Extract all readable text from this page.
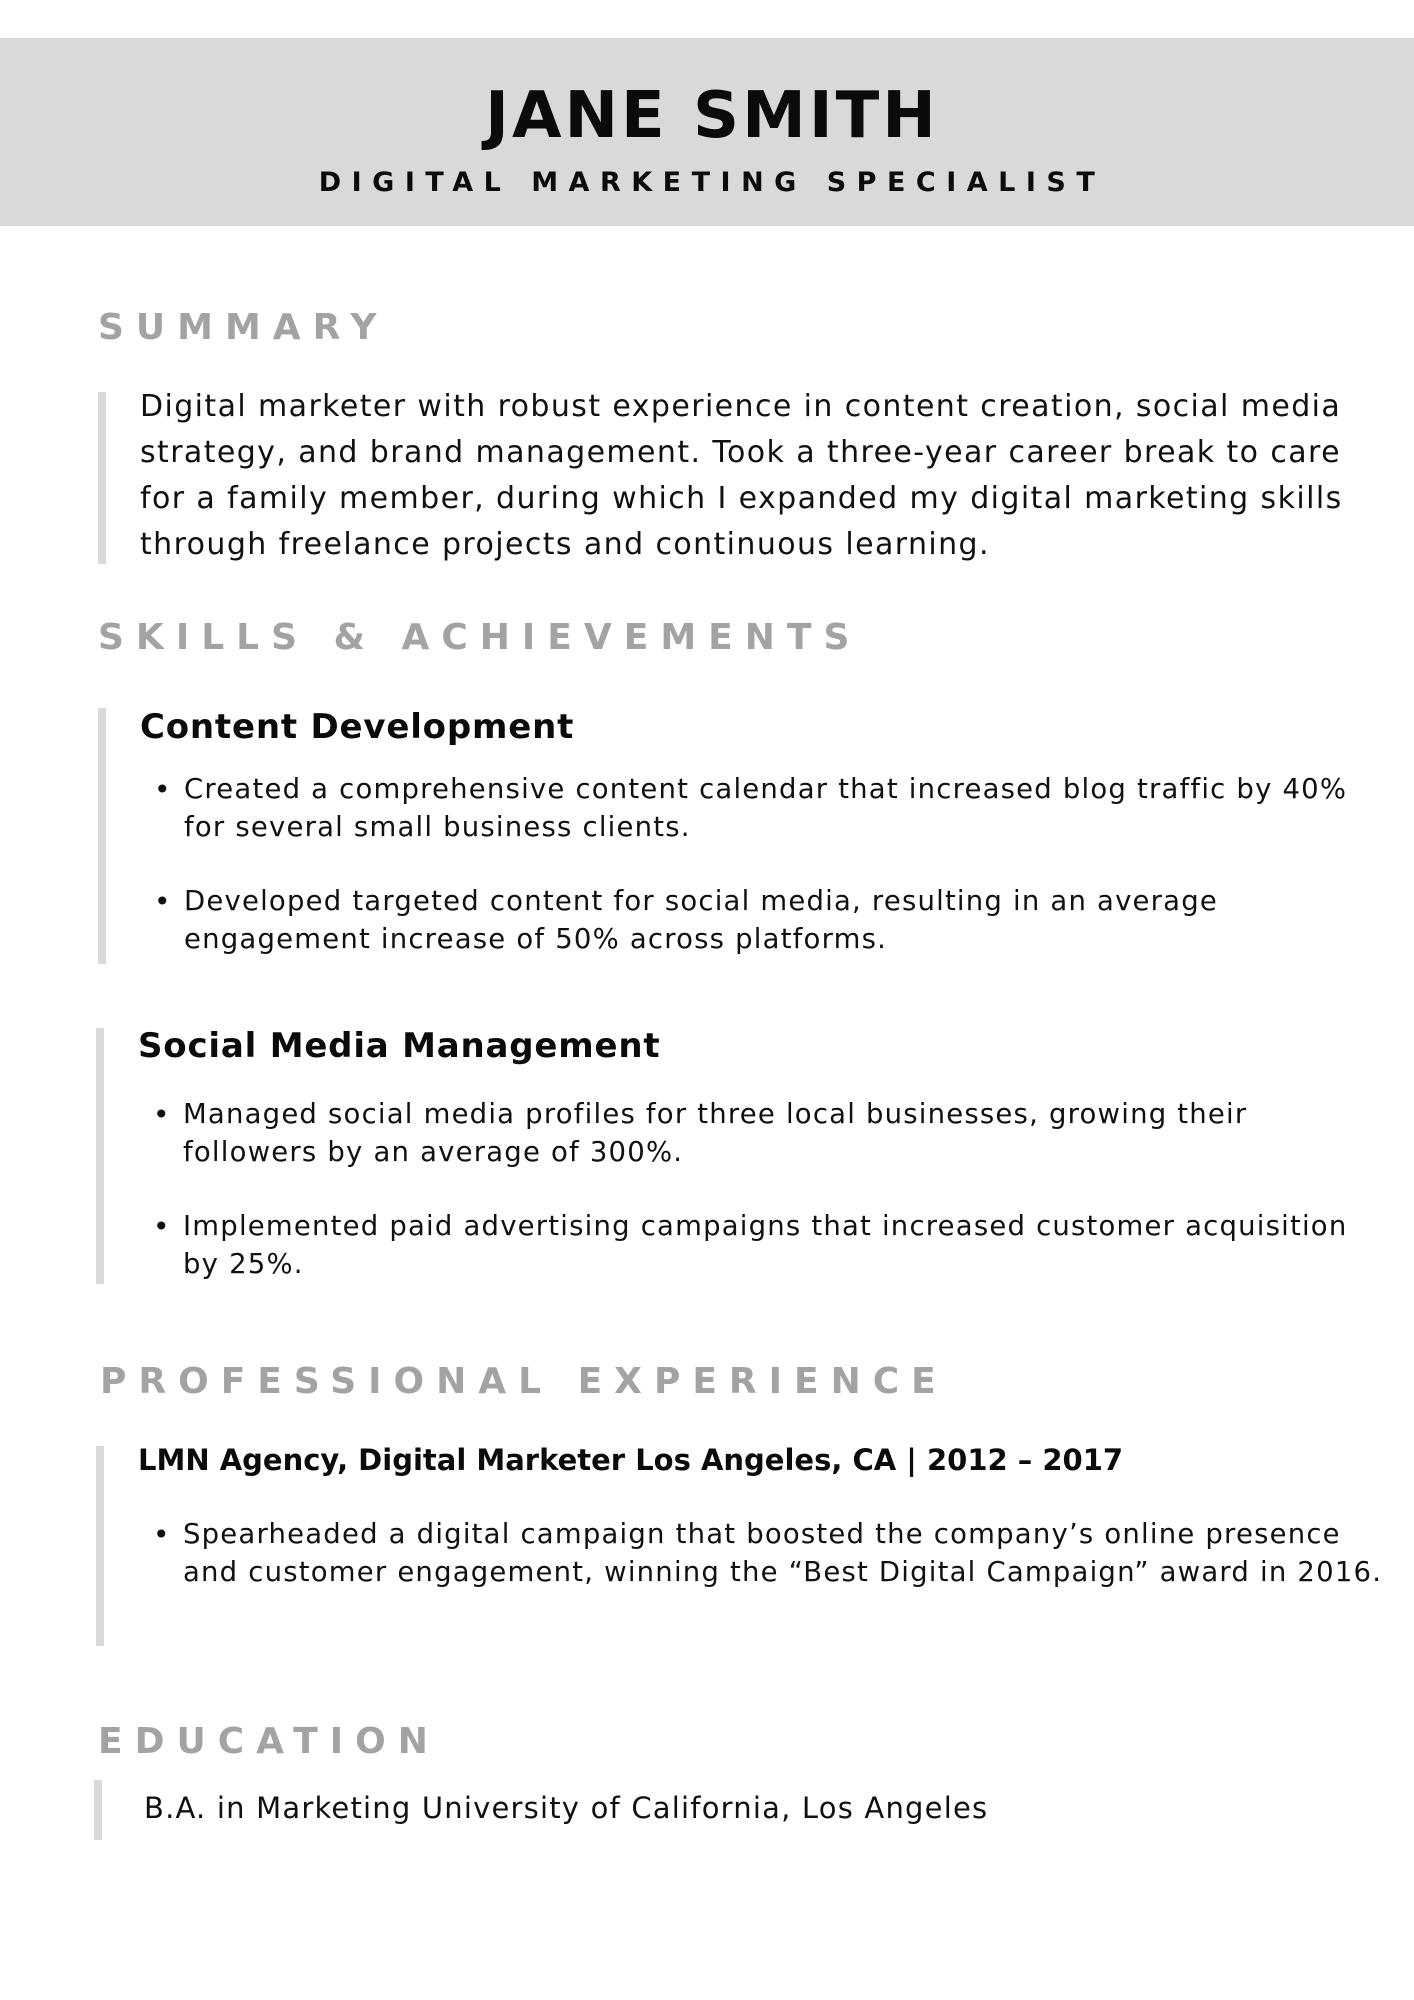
JANE SMITH
DIGITAL MARKETING SPECIALIST
SUMMARY
Digital marketer with robust experience in content creation, social media strategy, and brand management. Took a three-year career break to care for a family member, during which I expanded my digital marketing skills through freelance projects and continuous learning.
SKILLS & ACHIEVEMENTS
Content Development
• Created a comprehensive content calendar that increased blog traffic by 40% for several small business clients.
• Developed targeted content for social media, resulting in an average engagement increase of 50% across platforms.
Social Media Management
• Managed social media profiles for three local businesses, growing their followers by an average of 300%.
• Implemented paid advertising campaigns that increased customer acquisition by 25%.
PROFESSIONAL EXPERIENCE
LMN Agency, Digital Marketer Los Angeles, CA | 2012 – 2017
• Spearheaded a digital campaign that boosted the company’s online presence and customer engagement, winning the “Best Digital Campaign” award in 2016.
EDUCATION
B.A. in Marketing University of California, Los Angeles
